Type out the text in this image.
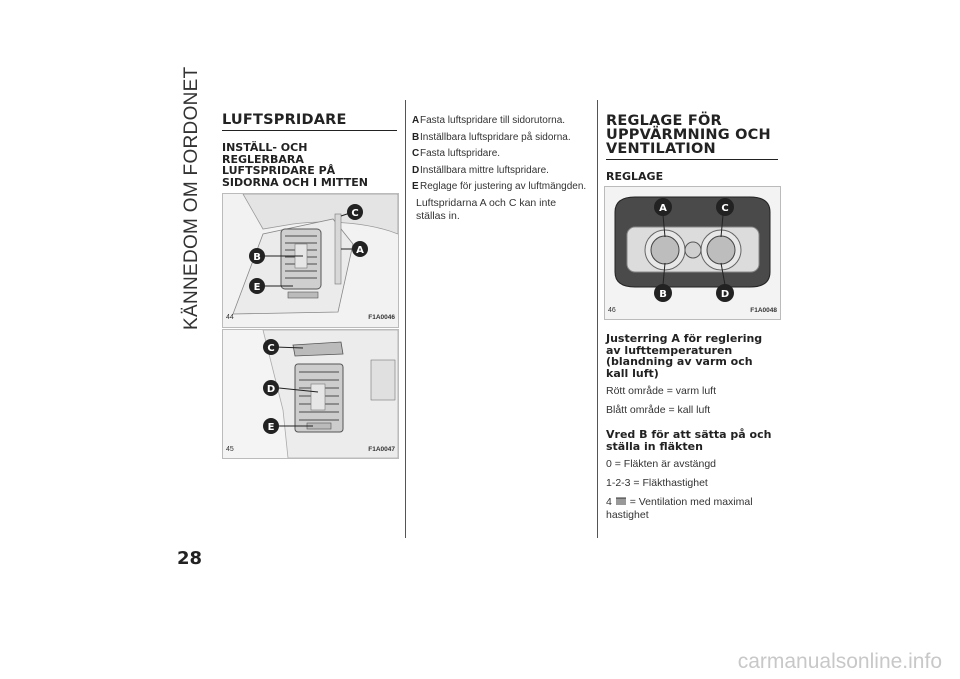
KÄNNEDOM OM FORDONET
28
LUFTSPRIDARE
INSTÄLL- OCH REGLERBARA LUFTSPRIDARE PÅ SIDORNA OCH I MITTEN
C
A
B
E
44	F1A0046
C
D
E
45	F1A0047
A Fasta luftspridare till sidorutorna.
B Inställbara luftspridare på sidorna.
C Fasta luftspridare.
D Inställbara mittre luftspridare.
E Reglage för justering av luftmängden.

Luftspridarna A och C kan inte ställas in.

REGLAGE FÖR UPPVÄRMNING OCH VENTILATION
REGLAGE
A	C
B	D
46	F1A0048
Justerring A för reglering av lufttemperaturen (blandning av varm och kall luft)

Rött område = varm luft

Blått område = kall luft

Vred B för att sätta på och ställa in fläkten

0 = Fläkten är avstängd

1-2-3 = Fläkthastighet

4 = Ventilation med maximal hastighet

carmanualsonline.info
